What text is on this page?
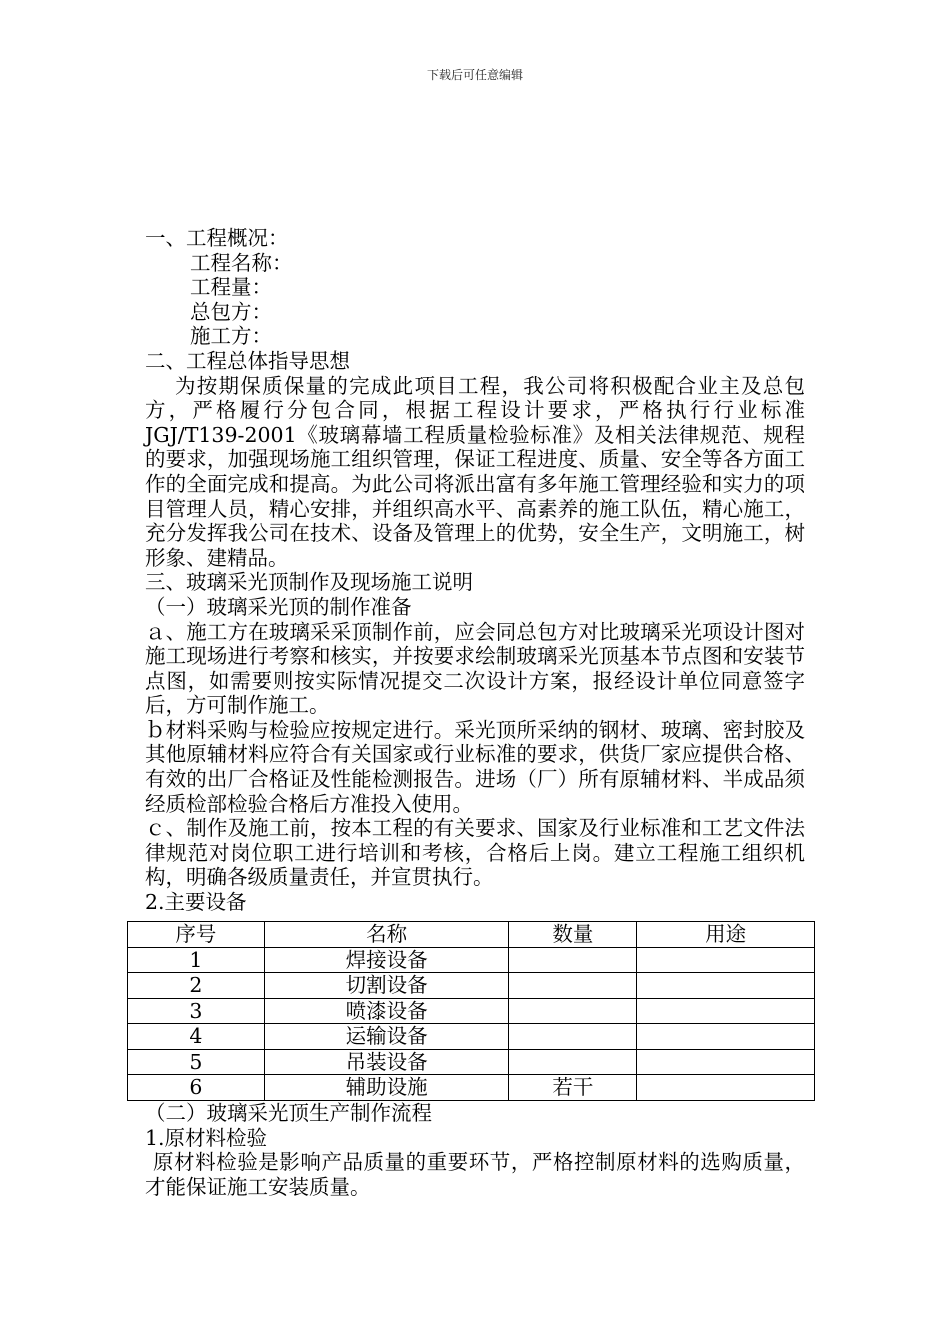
下载后可任意编辑
一、工程概况：
工程名称：
工程量：
总包方：
施工方：
二、工程总体指导思想
为按期保质保量的完成此项目工程，我公司将积极配合业主及总包方，严格履行分包合同，根据工程设计要求，严格执行行业标准JGJ/T139-2001《玻璃幕墙工程质量检验标准》及相关法律规范、规程的要求，加强现场施工组织管理，保证工程进度、质量、安全等各方面工作的全面完成和提高。为此公司将派出富有多年施工管理经验和实力的项目管理人员，精心安排，并组织高水平、高素养的施工队伍，精心施工，充分发挥我公司在技术、设备及管理上的优势，安全生产，文明施工，树形象、建精品。
三、玻璃采光顶制作及现场施工说明
（一）玻璃采光顶的制作准备
ａ、施工方在玻璃采采顶制作前，应会同总包方对比玻璃采光项设计图对施工现场进行考察和核实，并按要求绘制玻璃采光顶基本节点图和安装节点图，如需要则按实际情况提交二次设计方案，报经设计单位同意签字后，方可制作施工。
ｂ材料采购与检验应按规定进行。采光顶所采纳的钢材、玻璃、密封胶及其他原辅材料应符合有关国家或行业标准的要求，供货厂家应提供合格、有效的出厂合格证及性能检测报告。进场（厂）所有原辅材料、半成品须经质检部检验合格后方准投入使用。
ｃ、制作及施工前，按本工程的有关要求、国家及行业标准和工艺文件法律规范对岗位职工进行培训和考核，合格后上岗。建立工程施工组织机构，明确各级质量责任，并宣贯执行。
2.主要设备
序号	名称	数量	用途
1	焊接设备		
2	切割设备		
3	喷漆设备		
4	运输设备		
5	吊装设备		
6	辅助设施	若干	
（二）玻璃采光顶生产制作流程
1.原材料检验
原材料检验是影响产品质量的重要环节，严格控制原材料的选购质量，才能保证施工安装质量。
